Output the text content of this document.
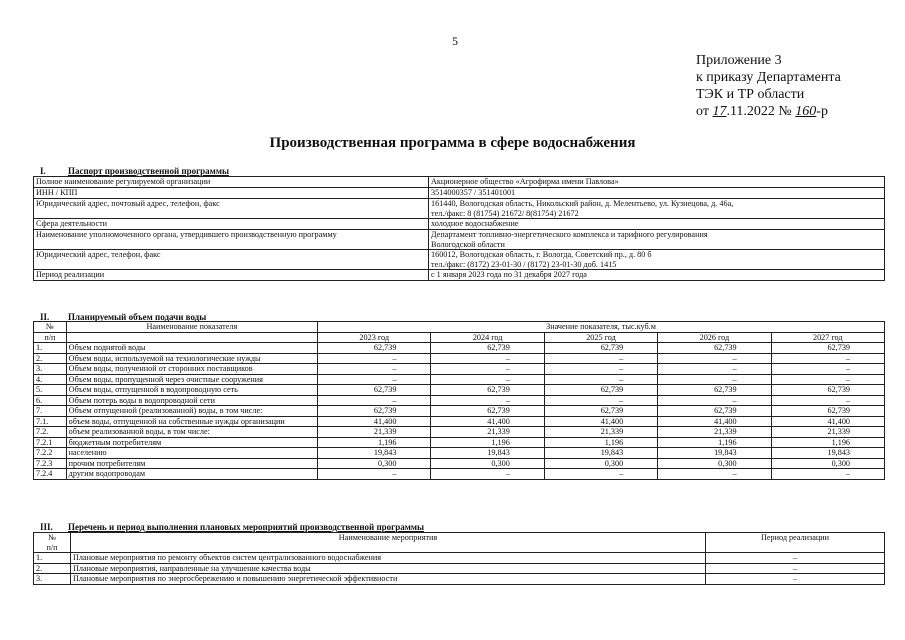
5
Приложение 3
к приказу Департамента
ТЭК и ТР области
от 17.11.2022 № 160-р
Производственная программа в сфере водоснабжения
I. Паспорт производственной программы
Полное наименование регулируемой организации	Акционерное общество «Агрофирма имени Павлова»

ИНН / КПП	3514000357 / 351401001

Юридический адрес, почтовый адрес, телефон, факс	161440, Вологодская область, Никольский район, д. Мелентьево, ул. Кузнецова, д. 46а,
тел./факс: 8 (81754) 21672/ 8(81754) 21672

Сфера деятельности	холодное водоснабжение

Наименование уполномоченного органа, утвердившего производственную программу	Департамент топливно-энергетического комплекса и тарифного регулирования
Вологодской области

Юридический адрес, телефон, факс	160012, Вологодская область, г. Вологда, Советский пр., д. 80 б
тел./факс: (8172) 23-01-30 / (8172) 23-01-30 доб. 1415

Период реализации	с 1 января 2023 года по 31 декабря 2027 года
II. Планируемый объем подачи воды
№	Наименование показателя	Значение показателя, тыс.куб.м				
п/п		2023 год	2024 год	2025 год	2026 год	2027 год
1.	Объем поднятой воды	62,739	62,739	62,739	62,739	62,739
2.	Объем воды, используемой на технологические нужды	–	–	–	–	–
3.	Объем воды, полученной от сторонних поставщиков	–	–	–	–	–
4.	Объем воды, пропущенной через очистные сооружения	–	–	–	–	–
5.	Объем воды, отпущенной в водопроводную сеть	62,739	62,739	62,739	62,739	62,739
6.	Объем потерь воды в водопроводной сети	–	–	–	–	–
7.	Объем отпущенной (реализованной) воды, в том числе:	62,739	62,739	62,739	62,739	62,739
7.1.	объем воды, отпущенной на собственные нужды организации	41,400	41,400	41,400	41,400	41,400
7.2.	объем реализованной воды, в том числе:	21,339	21,339	21,339	21,339	21,339
7.2.1	бюджетным потребителям	1,196	1,196	1,196	1,196	1,196
7.2.2	населению	19,843	19,843	19,843	19,843	19,843
7.2.3	прочим потребителям	0,300	0,300	0,300	0,300	0,300
7.2.4	другим водопроводам	–	–	–	–	–
III. Перечень и период выполнения плановых мероприятий производственной программы
№
п/п	Наименование мероприятия	Период реализации
1.	Плановые мероприятия по ремонту объектов систем централизованного водоснабжения	–
2.	Плановые мероприятия, направленные на улучшение качества воды	–
3.	Плановые мероприятия по энергосбережению и повышению энергетической эффективности	–
